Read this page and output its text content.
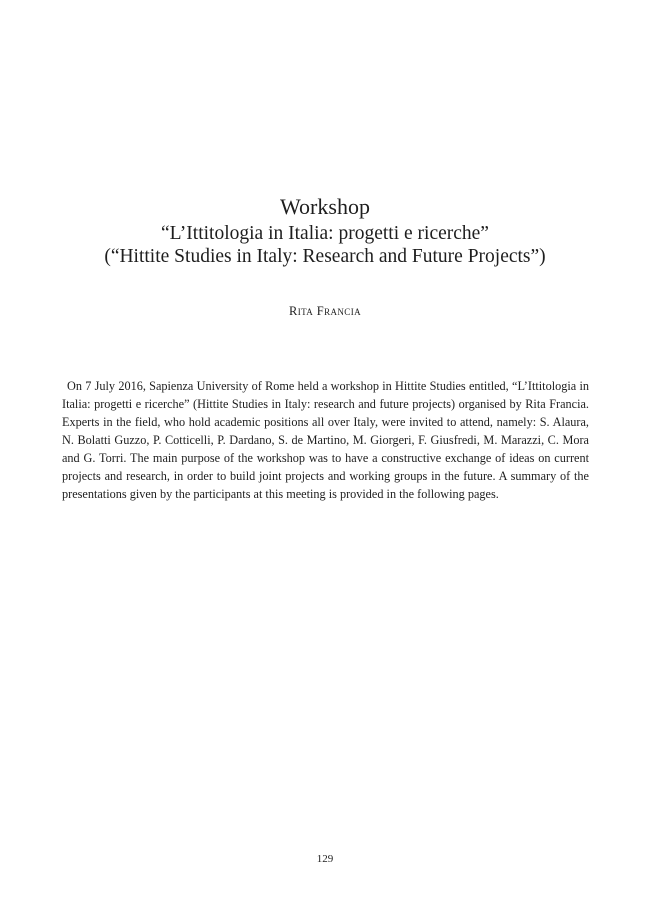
Workshop
“L’Ittitologia in Italia: progetti e ricerche”
(“Hittite Studies in Italy: Research and Future Projects”)
Rita Francia

On 7 July 2016, Sapienza University of Rome held a workshop in Hittite Studies entitled, “L’Ittitologia in Italia: progetti e ricerche” (Hittite Studies in Italy: research and future projects) organised by Rita Francia. Experts in the field, who hold academic positions all over Italy, were invited to attend, namely: S. Alaura, N. Bolatti Guzzo, P. Cotticelli, P. Dardano, S. de Martino, M. Giorgeri, F. Giusfredi, M. Marazzi, C. Mora and G. Torri. The main purpose of the workshop was to have a constructive exchange of ideas on current projects and research, in order to build joint projects and working groups in the future. A summary of the presentations given by the participants at this meeting is provided in the following pages.

129
